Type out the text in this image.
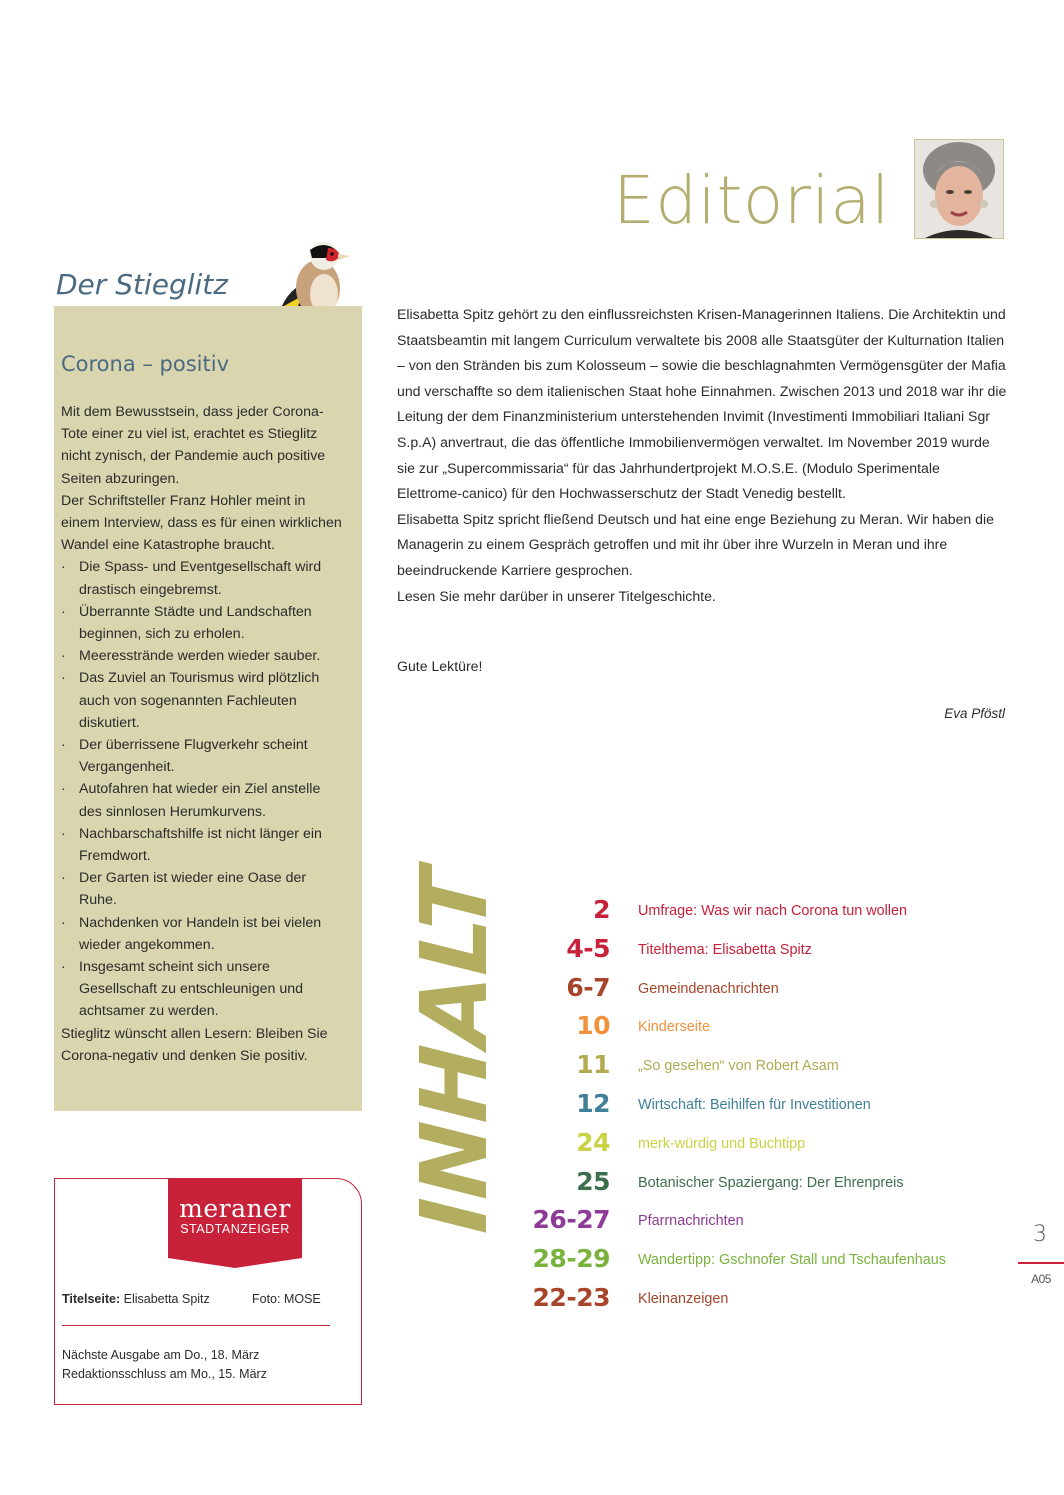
Editorial
Der Stieglitz
Corona – positiv

Mit dem Bewusstsein, dass jeder Corona-Tote einer zu viel ist, erachtet es Stieglitz nicht zynisch, der Pandemie auch positive Seiten abzuringen.

Der Schriftsteller Franz Hohler meint in einem Interview, dass es für einen wirklichen Wandel eine Katastrophe braucht.

· Die Spass- und Eventgesellschaft wird drastisch eingebremst.
· Überrannte Städte und Landschaften beginnen, sich zu erholen.
· Meeresstrände werden wieder sauber.
· Das Zuviel an Tourismus wird plötzlich auch von sogenannten Fachleuten diskutiert.
· Der überrissene Flugverkehr scheint Vergangenheit.
· Autofahren hat wieder ein Ziel anstelle des sinnlosen Herumkurvens.
· Nachbarschaftshilfe ist nicht länger ein Fremdwort.
· Der Garten ist wieder eine Oase der Ruhe.
· Nachdenken vor Handeln ist bei vielen wieder angekommen.
· Insgesamt scheint sich unsere Gesellschaft zu entschleunigen und achtsamer zu werden.

Stieglitz wünscht allen Lesern: Bleiben Sie Corona-negativ und denken Sie positiv.

meraner
STADTANZEIGER
Titelseite: Elisabetta Spitz	Foto: MOSE
Nächste Ausgabe am Do., 18. März
Redaktionsschluss am Mo., 15. März

Elisabetta Spitz gehört zu den einflussreichsten Krisen-Managerinnen Italiens. Die Architektin und Staatsbeamtin mit langem Curriculum verwaltete bis 2008 alle Staatsgüter der Kulturnation Italien – von den Stränden bis zum Kolosseum – sowie die beschlagnahmten Vermögensgüter der Mafia und verschaffte so dem italienischen Staat hohe Einnahmen. Zwischen 2013 und 2018 war ihr die Leitung der dem Finanzministerium unterstehenden Invimit (Investimenti Immobiliari Italiani Sgr S.p.A) anvertraut, die das öffentliche Immobilienvermögen verwaltet. Im November 2019 wurde sie zur „Supercommissaria“ für das Jahrhundertprojekt M.O.S.E. (Modulo Sperimentale Elettrome-canico) für den Hochwasserschutz der Stadt Venedig bestellt.

Elisabetta Spitz spricht fließend Deutsch und hat eine enge Beziehung zu Meran. Wir haben die Managerin zu einem Gespräch getroffen und mit ihr über ihre Wurzeln in Meran und ihre beeindruckende Karriere gesprochen.

Lesen Sie mehr darüber in unserer Titelgeschichte.

Gute Lektüre!
Eva Pföstl
INHALT	2 Umfrage: Was wir nach Corona tun wollen
4-5 Titelthema: Elisabetta Spitz
6-7 Gemeindenachrichten
10 Kinderseite
11 „So gesehen“ von Robert Asam
12 Wirtschaft: Beihilfen für Investitionen
24 merk-würdig und Buchtipp
25 Botanischer Spaziergang: Der Ehrenpreis
26-27 Pfarrnachrichten
28-29 Wandertipp: Gschnofer Stall und Tschaufenhaus
22-23 Kleinanzeigen
3
A05
